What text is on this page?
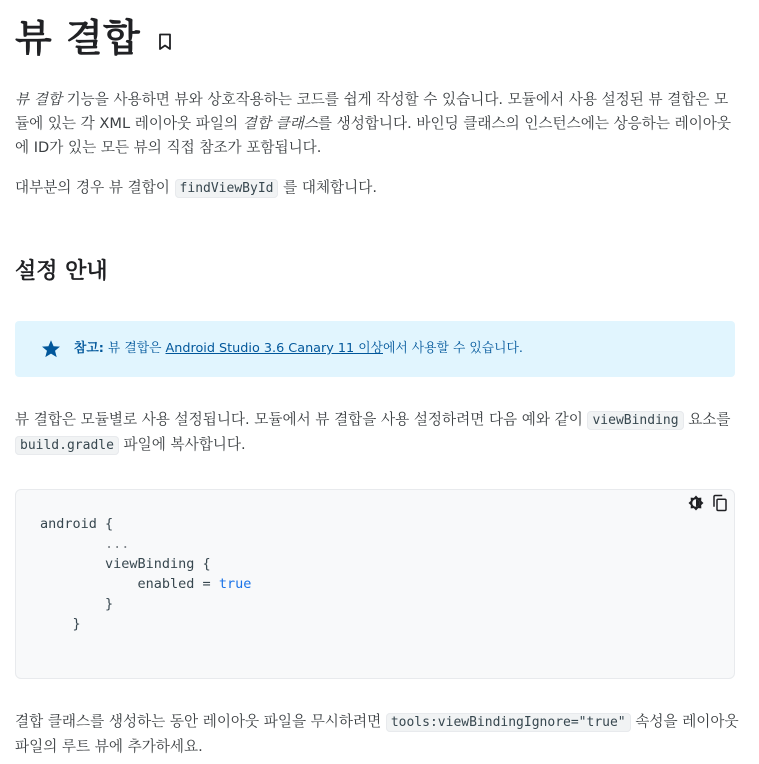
뷰 결합

뷰 결합 기능을 사용하면 뷰와 상호작용하는 코드를 쉽게 작성할 수 있습니다. 모듈에서 사용 설정된 뷰 결합은 모듈에 있는 각 XML 레이아웃 파일의 결합 클래스를 생성합니다. 바인딩 클래스의 인스턴스에는 상응하는 레이아웃에 ID가 있는 모든 뷰의 직접 참조가 포함됩니다.

대부분의 경우 뷰 결합이 findViewById 를 대체합니다.

설정 안내
참고: 뷰 결합은 Android Studio 3.6 Canary 11 이상에서 사용할 수 있습니다.

뷰 결합은 모듈별로 사용 설정됩니다. 모듈에서 뷰 결합을 사용 설정하려면 다음 예와 같이 viewBinding 요소를 build.gradle 파일에 복사합니다.

android {
...
viewBinding {
enabled = true
}
}

결합 클래스를 생성하는 동안 레이아웃 파일을 무시하려면 tools:viewBindingIgnore="true" 속성을 레이아웃 파일의 루트 뷰에 추가하세요.
